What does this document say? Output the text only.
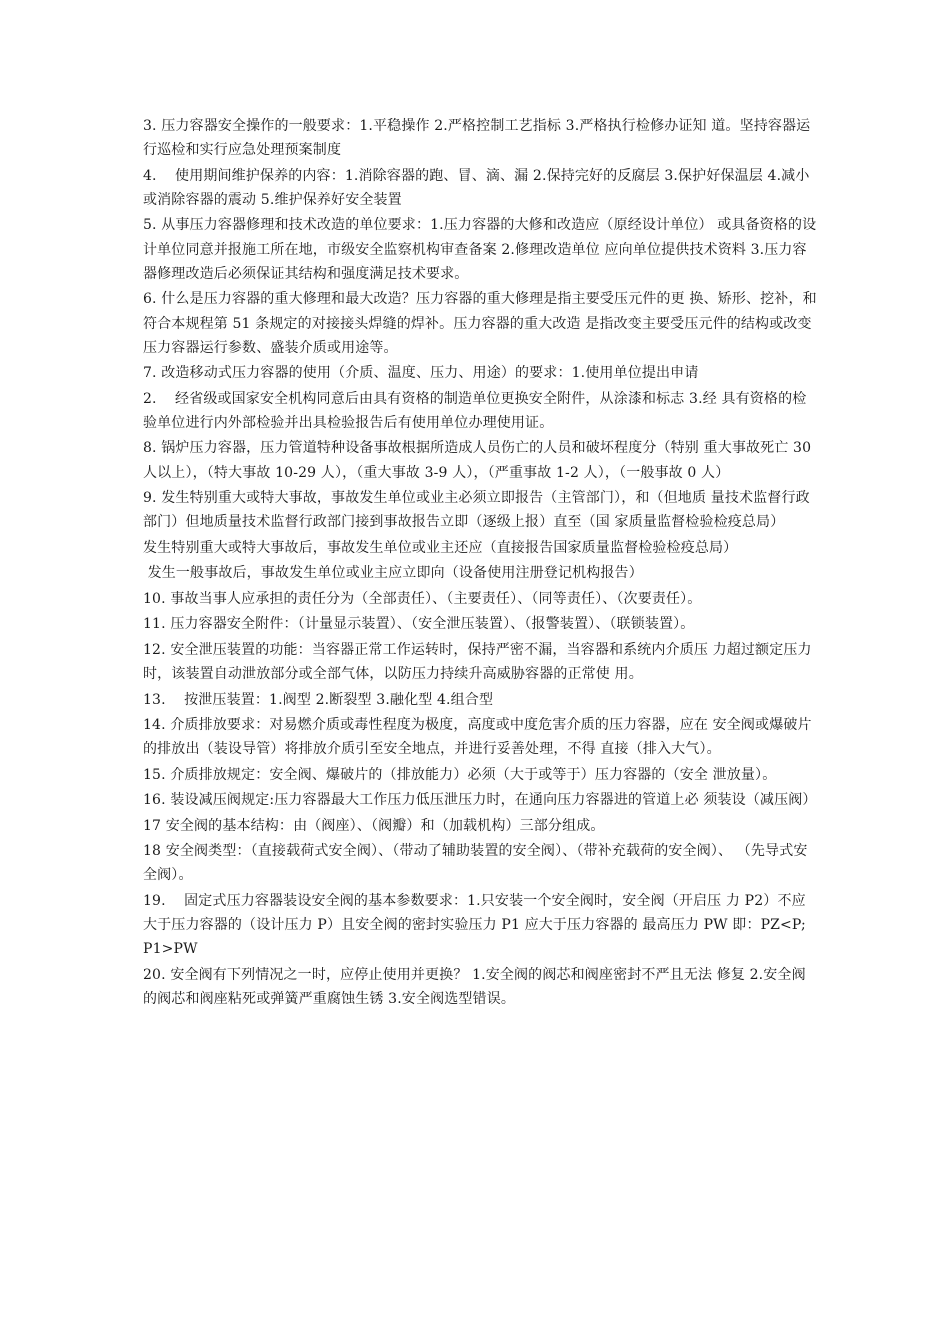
3. 压力容器安全操作的一般要求：1.平稳操作 2.严格控制工艺指标 3.严格执行检修办证知 道。坚持容器运行巡检和实行应急处理预案制度

4.    使用期间维护保养的内容：1.消除容器的跑、冒、滴、漏 2.保持完好的反腐层 3.保护好保温层 4.减小或消除容器的震动 5.维护保养好安全装置

5. 从事压力容器修理和技术改造的单位要求：1.压力容器的大修和改造应（原经设计单位） 或具备资格的设计单位同意并报施工所在地，市级安全监察机构审查备案 2.修理改造单位 应向单位提供技术资料 3.压力容器修理改造后必须保证其结构和强度满足技术要求。

6. 什么是压力容器的重大修理和最大改造？压力容器的重大修理是指主要受压元件的更 换、矫形、挖补，和符合本规程第 51 条规定的对接接头焊缝的焊补。压力容器的重大改造 是指改变主要受压元件的结构或改变压力容器运行参数、盛装介质或用途等。

7. 改造移动式压力容器的使用（介质、温度、压力、用途）的要求：1.使用单位提出申请

2.    经省级或国家安全机构同意后由具有资格的制造单位更换安全附件，从涂漆和标志 3.经 具有资格的检验单位进行内外部检验并出具检验报告后有使用单位办理使用证。

8. 锅炉压力容器，压力管道特种设备事故根据所造成人员伤亡的人员和破坏程度分（特别 重大事故死亡 30 人以上），（特大事故 10-29 人），（重大事故 3-9 人），（严重事故 1-2 人），（一般事故 0 人）

9. 发生特别重大或特大事故，事故发生单位或业主必须立即报告（主管部门），和（但地质 量技术监督行政部门）但地质量技术监督行政部门接到事故报告立即（逐级上报）直至（国 家质量监督检验检疫总局）

发生特别重大或特大事故后，事故发生单位或业主还应（直接报告国家质量监督检验检疫总局）

发生一般事故后，事故发生单位或业主应立即向（设备使用注册登记机构报告）

10. 事故当事人应承担的责任分为（全部责任）、（主要责任）、（同等责任）、（次要责任）。

11. 压力容器安全附件：（计量显示装置）、（安全泄压装置）、（报警装置）、（联锁装置）。

12. 安全泄压装置的功能：当容器正常工作运转时，保持严密不漏，当容器和系统内介质压 力超过额定压力时，该装置自动泄放部分或全部气体，以防压力持续升高威胁容器的正常使 用。

13.    按泄压装置：1.阀型 2.断裂型 3.融化型 4.组合型

14. 介质排放要求：对易燃介质或毒性程度为极度，高度或中度危害介质的压力容器，应在 安全阀或爆破片的排放出（装设导管）将排放介质引至安全地点，并进行妥善处理，不得 直接（排入大气）。

15. 介质排放规定：安全阀、爆破片的（排放能力）必须（大于或等于）压力容器的（安全 泄放量）。

16. 装设减压阀规定:压力容器最大工作压力低压泄压力时，在通向压力容器进的管道上必 须装设（减压阀）

17 安全阀的基本结构：由（阀座）、（阀瓣）和（加载机构）三部分组成。

18 安全阀类型：（直接载荷式安全阀）、（带动了辅助装置的安全阀）、（带补充载荷的安全阀）、 （先导式安全阀）。

19.    固定式压力容器装设安全阀的基本参数要求：1.只安装一个安全阀时，安全阀（开启压 力 P2）不应大于压力容器的（设计压力 P）且安全阀的密封实验压力 P1 应大于压力容器的 最高压力 PW 即：PZ<P; P1>PW

20. 安全阀有下列情况之一时，应停止使用并更换？ 1.安全阀的阀芯和阀座密封不严且无法 修复 2.安全阀的阀芯和阀座粘死或弹簧严重腐蚀生锈 3.安全阀选型错误。
